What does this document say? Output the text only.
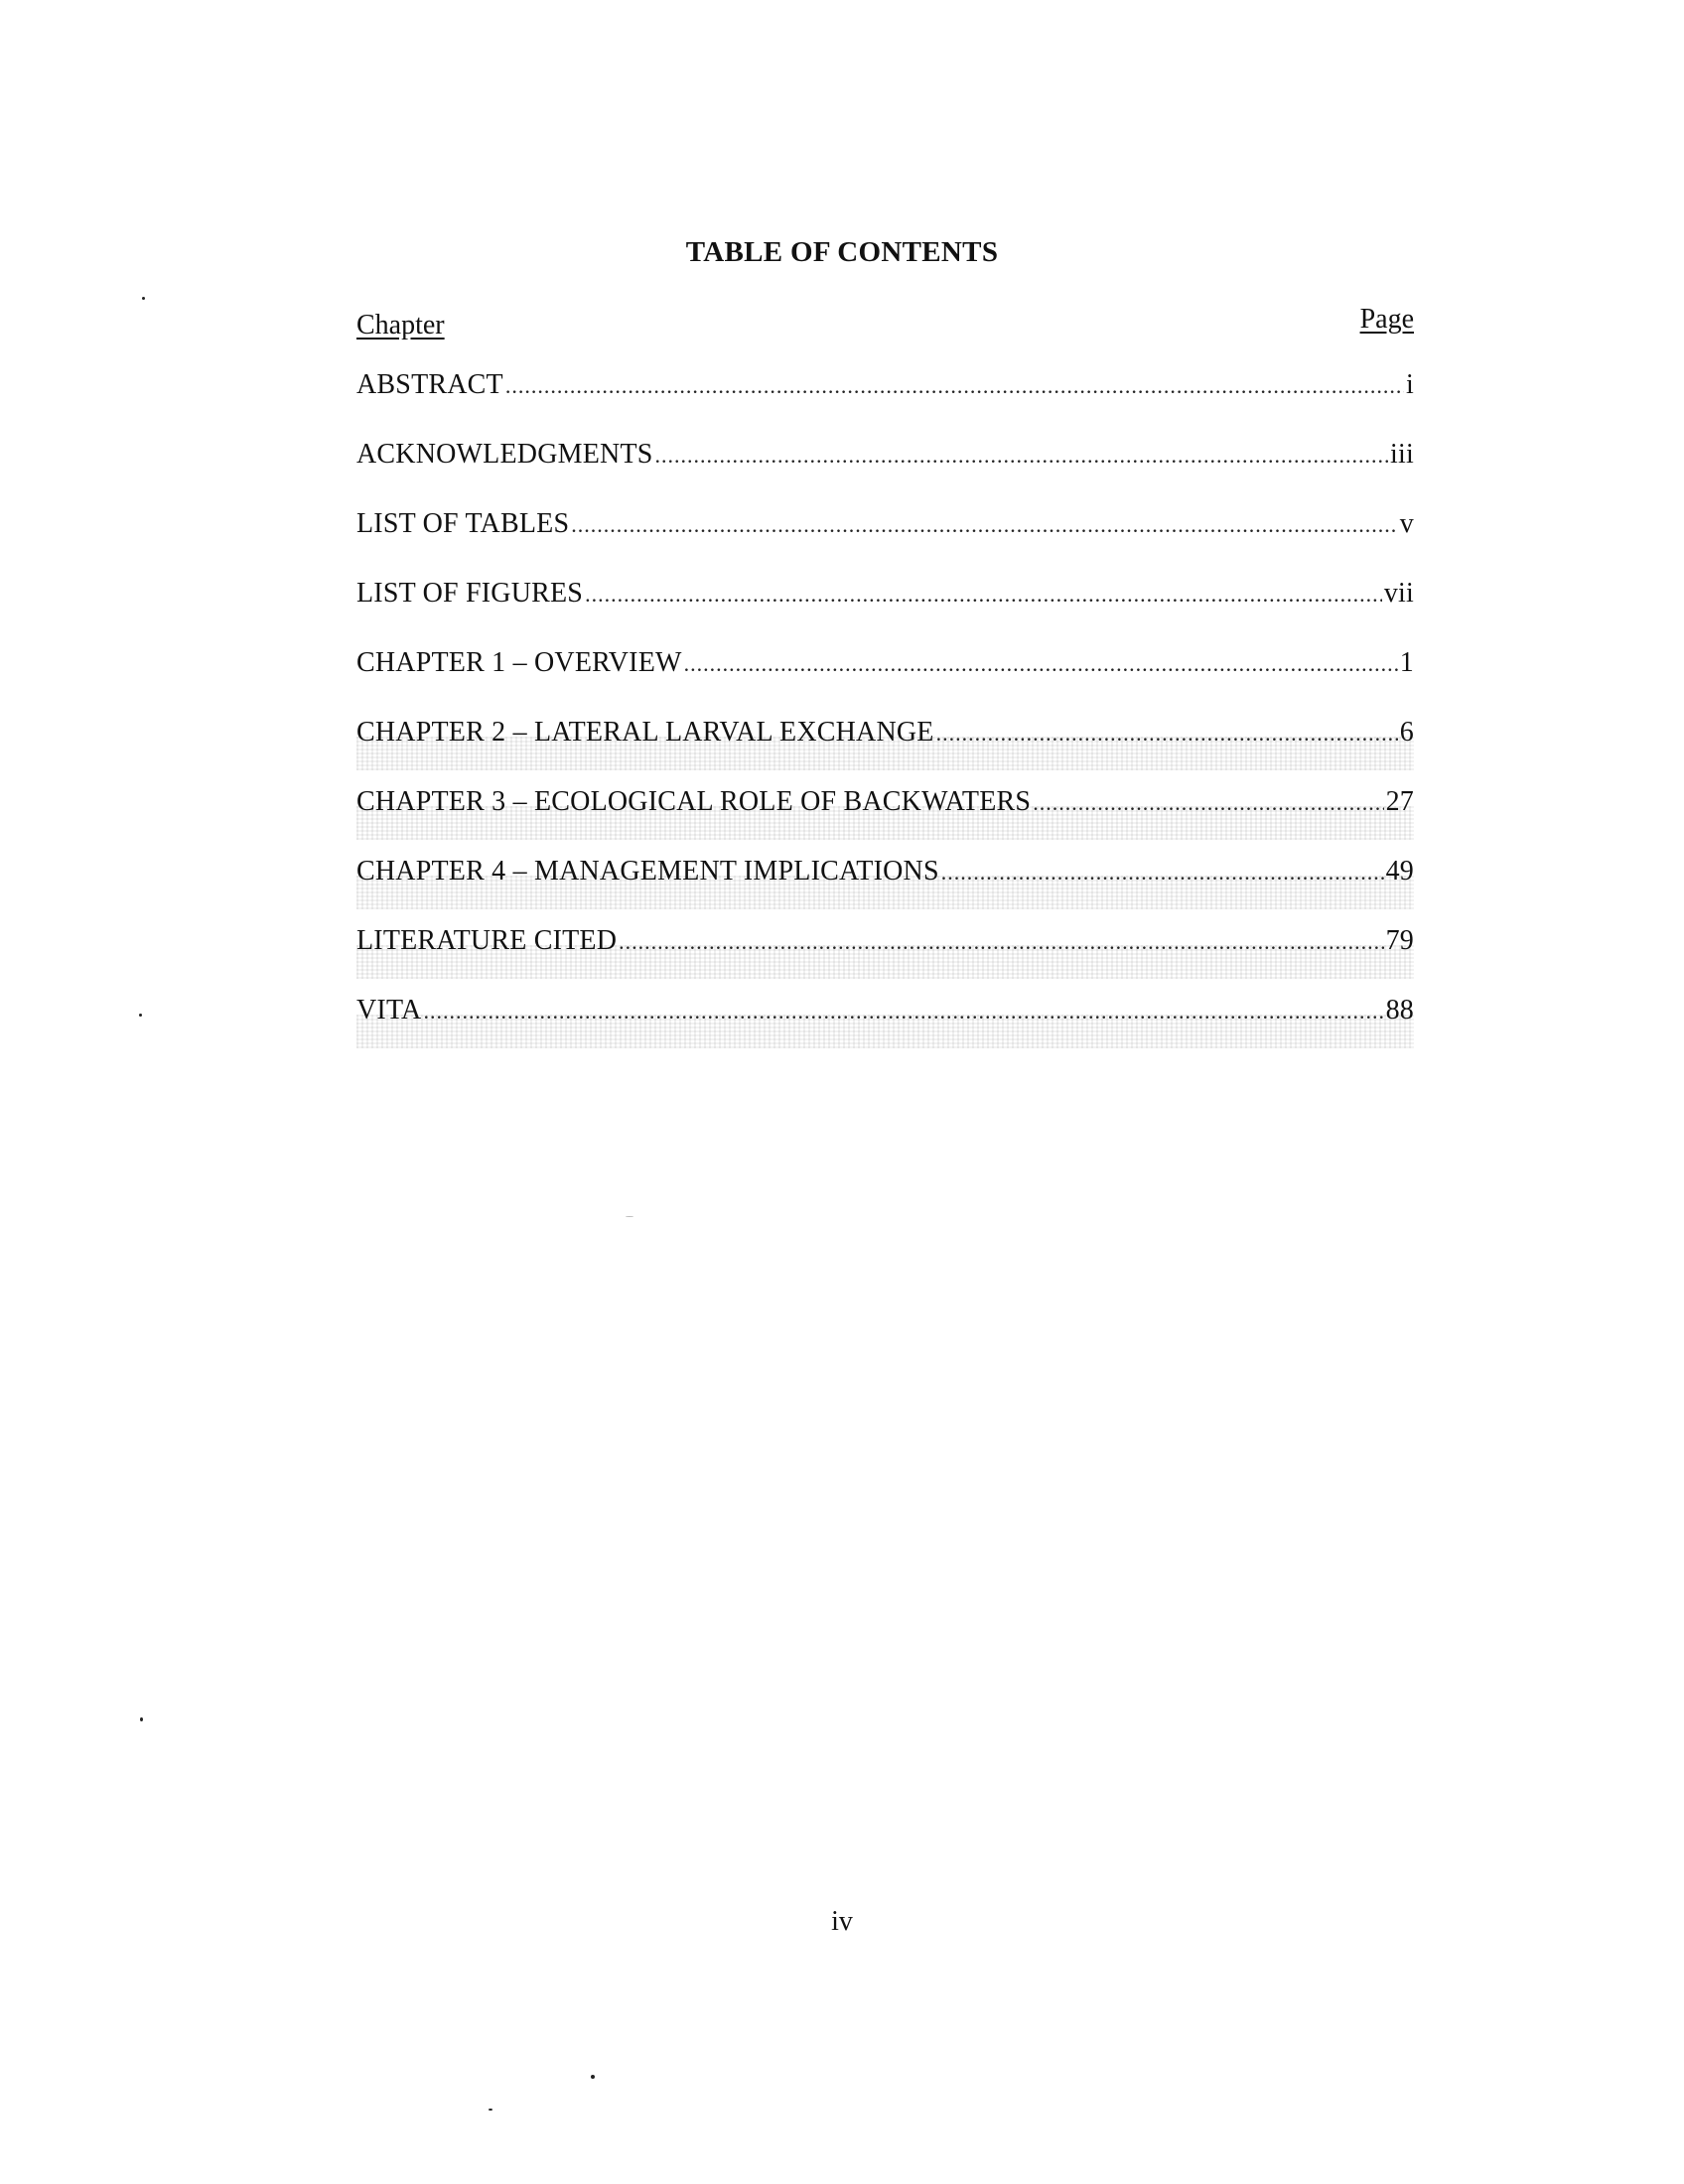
TABLE OF CONTENTS
Chapter	Page
ABSTRACT .....	i
ACKNOWLEDGMENTS .....	iii
LIST OF TABLES .....	v
LIST OF FIGURES .....	vii
CHAPTER 1 – OVERVIEW .....	1
CHAPTER 2 – LATERAL LARVAL EXCHANGE .....	6
CHAPTER 3 – ECOLOGICAL ROLE OF BACKWATERS .....	27
CHAPTER 4 – MANAGEMENT IMPLICATIONS .....	49
LITERATURE CITED .....	79
VITA .....	88
iv
